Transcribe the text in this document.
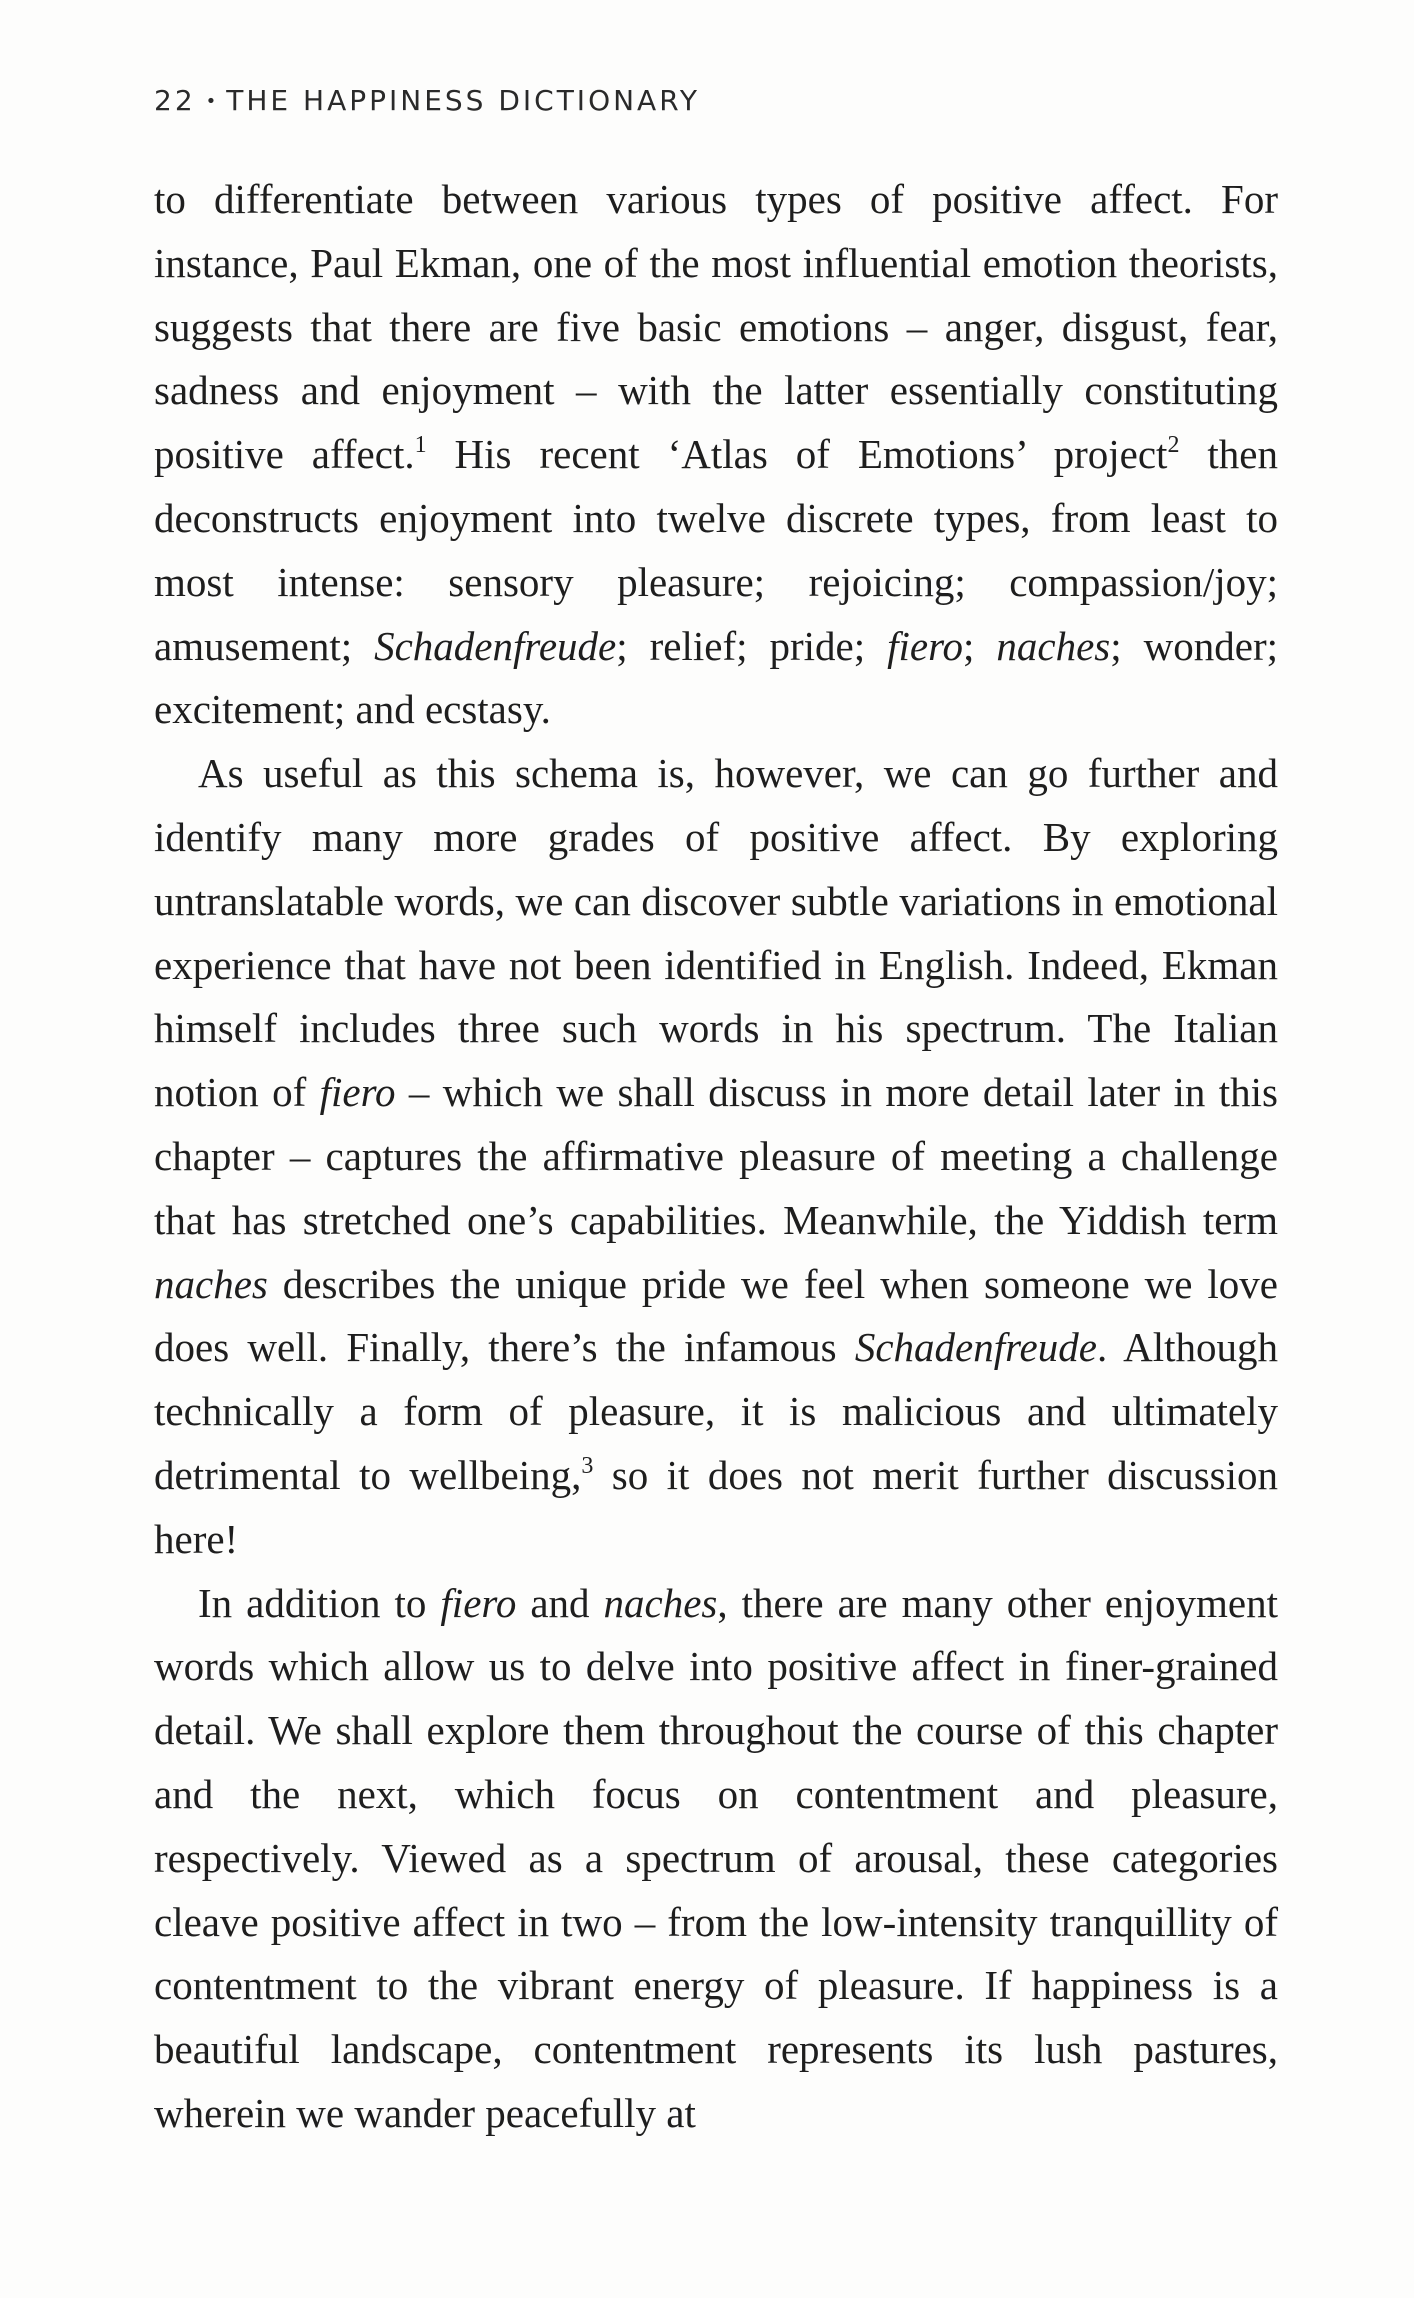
22 • THE HAPPINESS DICTIONARY

to differentiate between various types of positive affect. For instance, Paul Ekman, one of the most influential emotion theorists, suggests that there are five basic emotions – anger, disgust, fear, sadness and enjoyment – with the latter essentially constituting positive affect.$^1$ His recent ‘Atlas of Emotions’ project$^2$ then deconstructs enjoyment into twelve discrete types, from least to most intense: sensory pleasure; rejoicing; compassion/joy; amusement; Schadenfreude; relief; pride; fiero; naches; wonder; excitement; and ecstasy.

As useful as this schema is, however, we can go further and identify many more grades of positive affect. By exploring untranslatable words, we can discover subtle variations in emotional experience that have not been identified in English. Indeed, Ekman himself includes three such words in his spectrum. The Italian notion of fiero – which we shall discuss in more detail later in this chapter – captures the affirmative pleasure of meeting a challenge that has stretched one’s capabilities. Meanwhile, the Yiddish term naches describes the unique pride we feel when someone we love does well. Finally, there’s the infamous Schadenfreude. Although technically a form of pleasure, it is malicious and ultimately detrimental to wellbeing,$^3$ so it does not merit further discussion here!

In addition to fiero and naches, there are many other enjoyment words which allow us to delve into positive affect in finer-grained detail. We shall explore them throughout the course of this chapter and the next, which focus on contentment and pleasure, respectively. Viewed as a spectrum of arousal, these categories cleave positive affect in two – from the low-intensity tranquillity of contentment to the vibrant energy of pleasure. If happiness is a beautiful landscape, contentment represents its lush pastures, wherein we wander peacefully at
